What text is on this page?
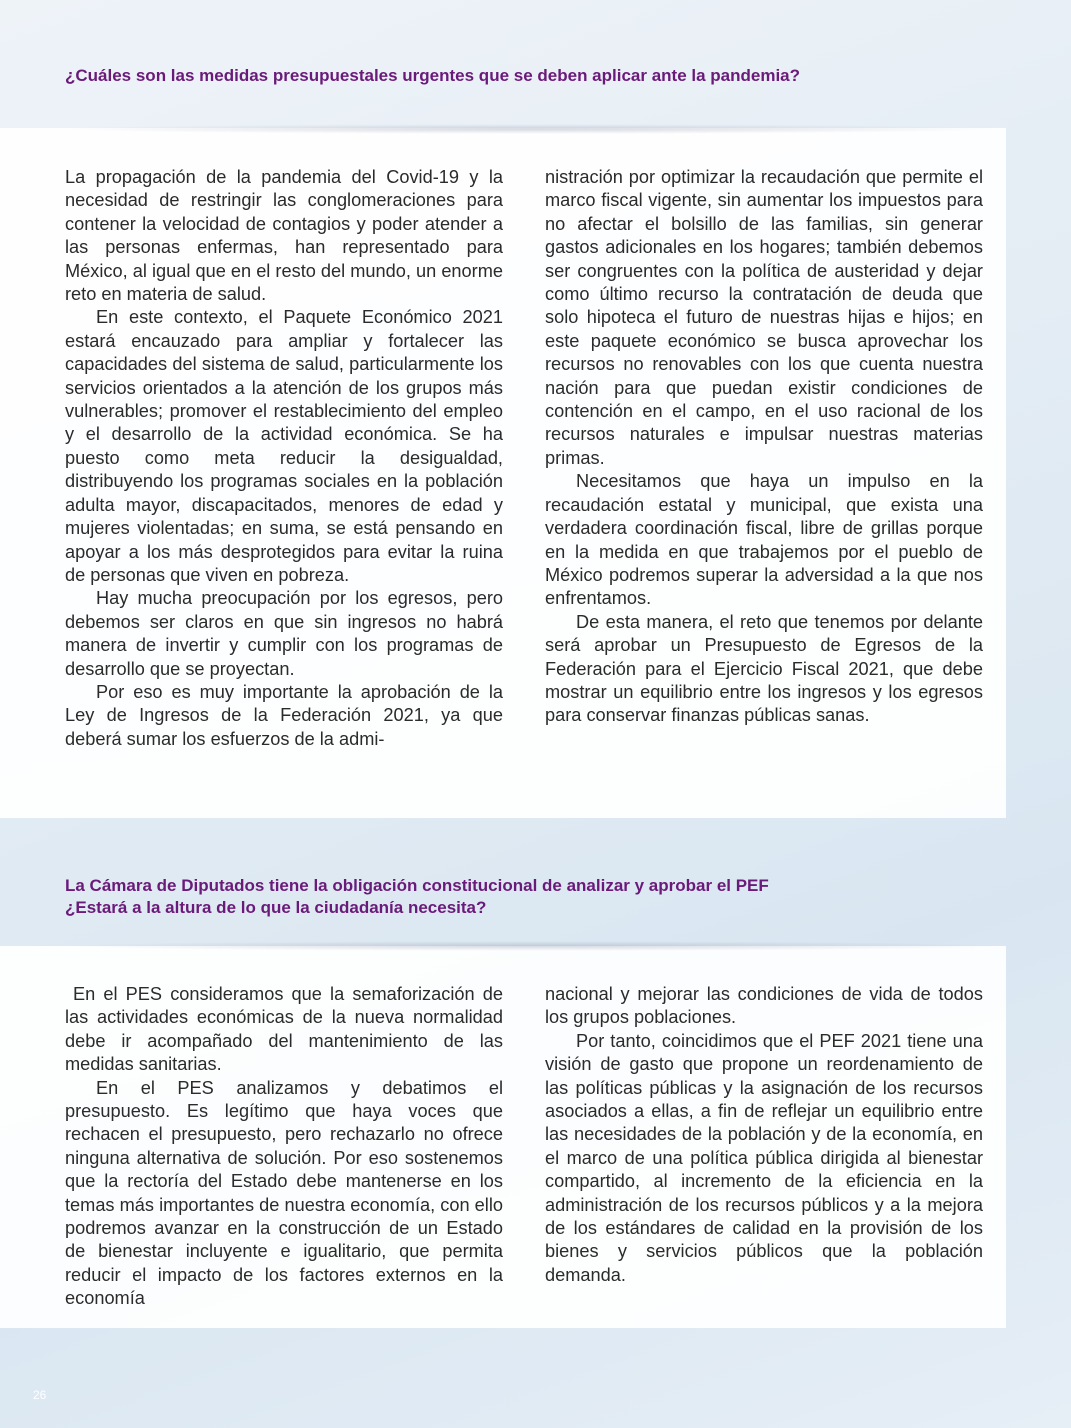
¿Cuáles son las medidas presupuestales urgentes que se deben aplicar ante la pandemia?

La propagación de la pandemia del Covid-19 y la necesidad de restringir las conglomeraciones para contener la velocidad de contagios y poder atender a las personas enfermas, han representado para México, al igual que en el resto del mundo, un enorme reto en materia de salud.

En este contexto, el Paquete Económico 2021 estará encauzado para ampliar y fortalecer las capacidades del sistema de salud, particularmente los servicios orientados a la atención de los grupos más vulnerables; promover el restablecimiento del empleo y el desarrollo de la actividad económica. Se ha puesto como meta reducir la desigualdad, distribuyendo los programas sociales en la población adulta mayor, discapacitados, menores de edad y mujeres violentadas; en suma, se está pensando en apoyar a los más desprotegidos para evitar la ruina de personas que viven en pobreza.

Hay mucha preocupación por los egresos, pero debemos ser claros en que sin ingresos no habrá manera de invertir y cumplir con los programas de desarrollo que se proyectan.

Por eso es muy importante la aprobación de la Ley de Ingresos de la Federación 2021, ya que deberá sumar los esfuerzos de la admi-

nistración por optimizar la recaudación que permite el marco fiscal vigente, sin aumentar los impuestos para no afectar el bolsillo de las familias, sin generar gastos adicionales en los hogares; también debemos ser congruentes con la política de austeridad y dejar como último recurso la contratación de deuda que solo hipoteca el futuro de nuestras hijas e hijos; en este paquete económico se busca aprovechar los recursos no renovables con los que cuenta nuestra nación para que puedan existir condiciones de contención en el campo, en el uso racional de los recursos naturales e impulsar nuestras materias primas.

Necesitamos que haya un impulso en la recaudación estatal y municipal, que exista una verdadera coordinación fiscal, libre de grillas porque en la medida en que trabajemos por el pueblo de México podremos superar la adversidad a la que nos enfrentamos.

De esta manera, el reto que tenemos por delante será aprobar un Presupuesto de Egresos de la Federación para el Ejercicio Fiscal 2021, que debe mostrar un equilibrio entre los ingresos y los egresos para conservar finanzas públicas sanas.

La Cámara de Diputados tiene la obligación constitucional de analizar y aprobar el PEF
¿Estará a la altura de lo que la ciudadanía necesita?

En el PES consideramos que la semaforización de las actividades económicas de la nueva normalidad debe ir acompañado del mantenimiento de las medidas sanitarias.

En el PES analizamos y debatimos el presupuesto. Es legítimo que haya voces que rechacen el presupuesto, pero rechazarlo no ofrece ninguna alternativa de solución. Por eso sostenemos que la rectoría del Estado debe mantenerse en los temas más importantes de nuestra economía, con ello podremos avanzar en la construcción de un Estado de bienestar incluyente e igualitario, que permita reducir el impacto de los factores externos en la economía

nacional y mejorar las condiciones de vida de todos los grupos poblaciones.

Por tanto, coincidimos que el PEF 2021 tiene una visión de gasto que propone un reordenamiento de las políticas públicas y la asignación de los recursos asociados a ellas, a fin de reflejar un equilibrio entre las necesidades de la población y de la economía, en el marco de una política pública dirigida al bienestar compartido, al incremento de la eficiencia en la administración de los recursos públicos y a la mejora de los estándares de calidad en la provisión de los bienes y servicios públicos que la población demanda.

26
